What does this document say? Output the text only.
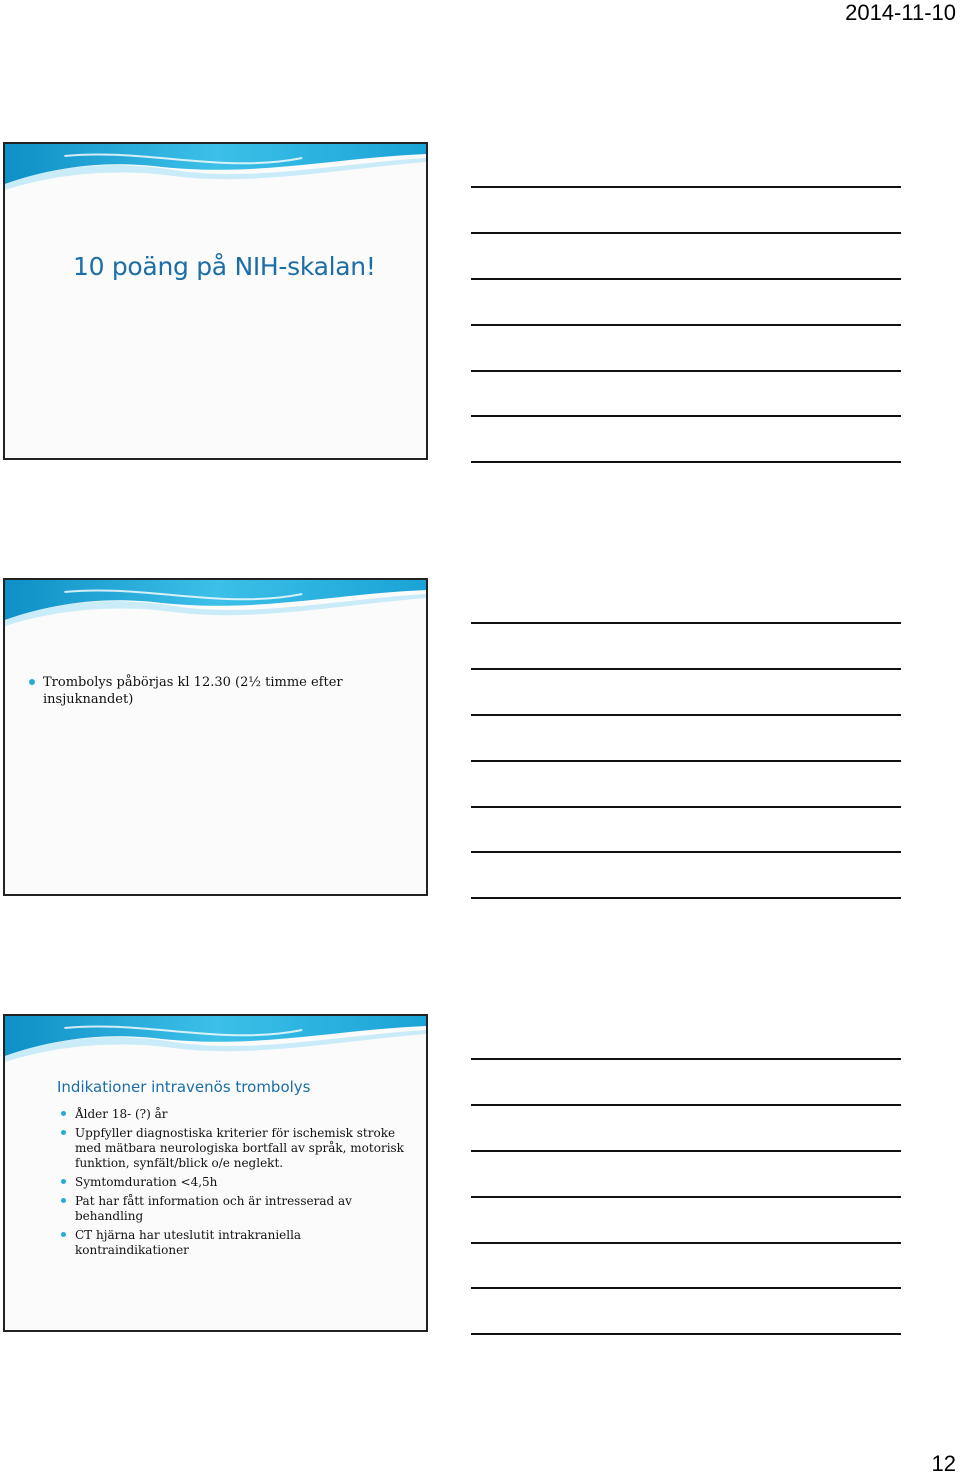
2014-11-10
10 poäng på NIH-skalan!
Trombolys påbörjas kl 12.30 (2½ timme efter insjuknandet)
Indikationer intravenös trombolys
Ålder 18- (?) år
Uppfyller diagnostiska kriterier för ischemisk stroke med mätbara neurologiska bortfall av språk, motorisk funktion, synfält/blick o/e neglekt.
Symtomduration <4,5h
Pat har fått information och är intresserad av behandling
CT hjärna har uteslutit intrakraniella kontraindikationer
12
